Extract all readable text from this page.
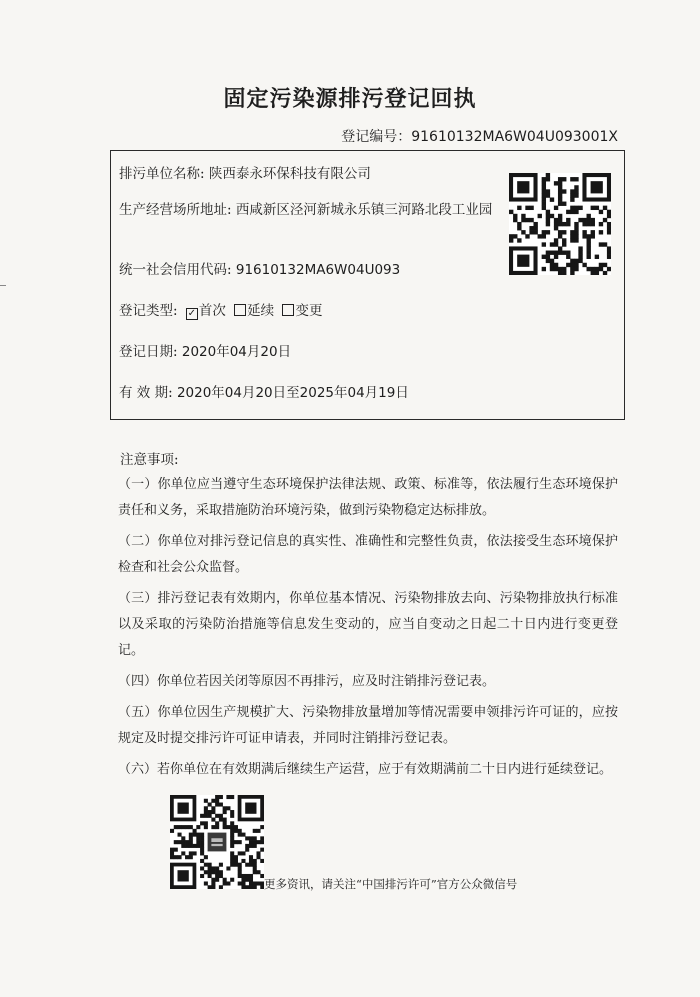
固定污染源排污登记回执
登记编号：91610132MA6W04U093001X
排污单位名称: 陕西泰永环保科技有限公司
生产经营场所地址: 西咸新区泾河新城永乐镇三河路北段工业园
统一社会信用代码: 91610132MA6W04U093
登记类型: ✓ 首次 延续 变更
登记日期: 2020年04月20日
有 效 期: 2020年04月20日至2025年04月19日
注意事项:

（一）你单位应当遵守生态环境保护法律法规、政策、标准等，依法履行生态环境保护责任和义务，采取措施防治环境污染，做到污染物稳定达标排放。

（二）你单位对排污登记信息的真实性、准确性和完整性负责，依法接受生态环境保护检查和社会公众监督。

（三）排污登记表有效期内，你单位基本情况、污染物排放去向、污染物排放执行标准以及采取的污染防治措施等信息发生变动的，应当自变动之日起二十日内进行变更登记。

（四）你单位若因关闭等原因不再排污，应及时注销排污登记表。

（五）你单位因生产规模扩大、污染物排放量增加等情况需要申领排污许可证的，应按规定及时提交排污许可证申请表，并同时注销排污登记表。

（六）若你单位在有效期满后继续生产运营，应于有效期满前二十日内进行延续登记。

更多资讯，请关注“中国排污许可”官方公众微信号
